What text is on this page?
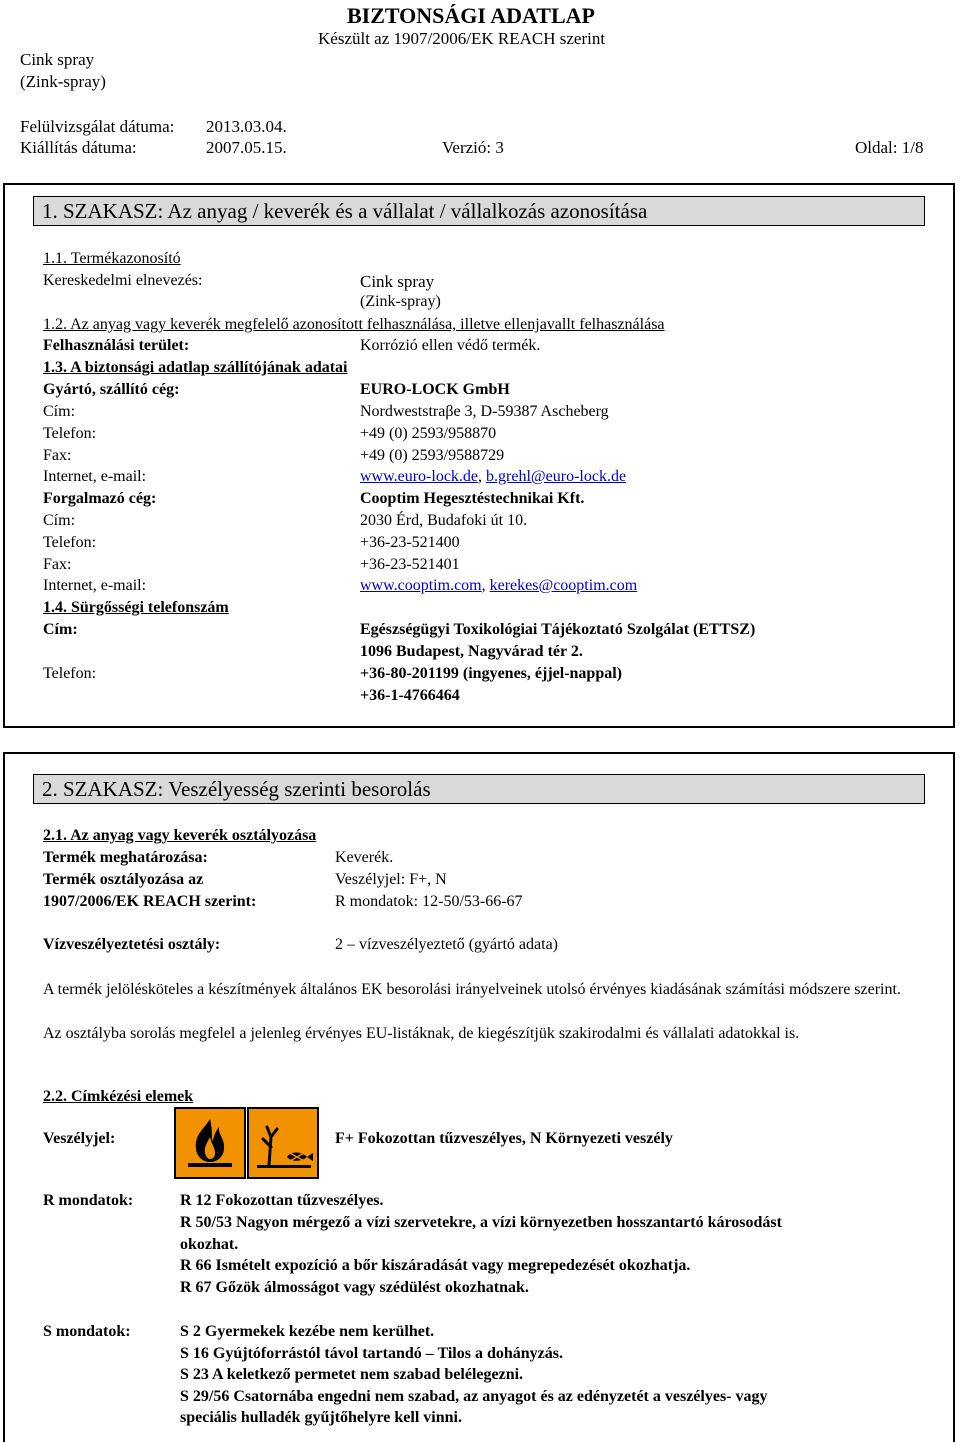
BIZTONSÁGI ADATLAP
Készült az 1907/2006/EK REACH szerint
Cink spray
(Zink-spray)
Felülvizsgálat dátuma: 2013.03.04.
Kiállítás dátuma:	2007.05.15.	Verzió: 3	Oldal: 1/8
1. SZAKASZ: Az anyag / keverék és a vállalat / vállalkozás azonosítása
1.1. Termékazonosító
Kereskedelmi elnevezés:	Cink spray
(Zink-spray)
1.2. Az anyag vagy keverék megfelelő azonosított felhasználása, illetve ellenjavallt felhasználása
Felhasználási terület:	Korrózió ellen védő termék.
1.3. A biztonsági adatlap szállítójának adatai
Gyártó, szállító cég:	EURO-LOCK GmbH
Cím:	Nordweststraβe 3, D-59387 Ascheberg
Telefon:	+49 (0) 2593/958870
Fax:	+49 (0) 2593/9588729
Internet, e-mail:	www.euro-lock.de, b.grehl@euro-lock.de
Forgalmazó cég:	Cooptim Hegesztéstechnikai Kft.
Cím:	2030 Érd, Budafoki út 10.
Telefon:	+36-23-521400
Fax:	+36-23-521401
Internet, e-mail:	www.cooptim.com, kerekes@cooptim.com
1.4. Sürgősségi telefonszám
Cím:	Egészségügyi Toxikológiai Tájékoztató Szolgálat (ETTSZ)
1096 Budapest, Nagyvárad tér 2.
Telefon:	+36-80-201199 (ingyenes, éjjel-nappal)
+36-1-4766464
2. SZAKASZ: Veszélyesség szerinti besorolás
2.1. Az anyag vagy keverék osztályozása
Termék meghatározása:	Keverék.
Termék osztályozása az	Veszélyjel: F+, N
1907/2006/EK REACH szerint:	R mondatok: 12-50/53-66-67
Vízveszélyeztetési osztály:	2 – vízveszélyeztető (gyártó adata)
A termék jelölésköteles a készítmények általános EK besorolási irányelveinek utolsó érvényes kiadásának számítási módszere szerint.
Az osztályba sorolás megfelel a jelenleg érvényes EU-listáknak, de kiegészítjük szakirodalmi és vállalati adatokkal is.
2.2. Címkézési elemek
Veszélyjel:	F+ Fokozottan tűzveszélyes, N Környezeti veszély
R mondatok:	R 12 Fokozottan tűzveszélyes.
R 50/53 Nagyon mérgező a vízi szervetekre, a vízi környezetben hosszantartó károsodást
okozhat.
R 66 Ismételt expozíció a bőr kiszáradását vagy megrepedezését okozhatja.
R 67 Gőzök álmosságot vagy szédülést okozhatnak.
S mondatok:	S 2 Gyermekek kezébe nem kerülhet.
S 16 Gyújtóforrástól távol tartandó – Tilos a dohányzás.
S 23 A keletkező permetet nem szabad belélegezni.
S 29/56 Csatornába engedni nem szabad, az anyagot és az edényzetét a veszélyes- vagy
speciális hulladék gyűjtőhelyre kell vinni.
